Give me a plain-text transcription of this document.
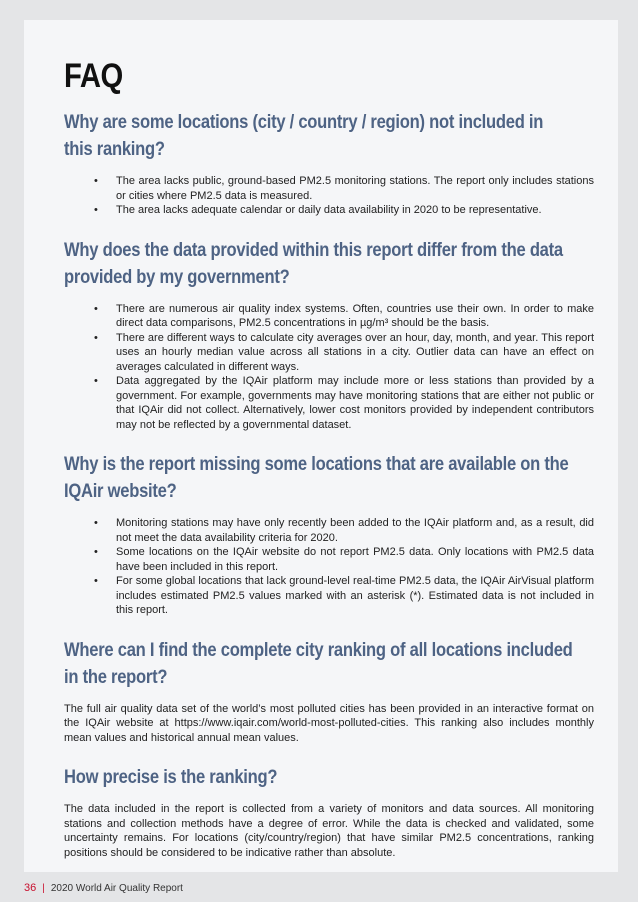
FAQ
Why are some locations (city / country / region) not included in this ranking?
• The area lacks public, ground-based PM2.5 monitoring stations. The report only includes stations or cities where PM2.5 data is measured.
• The area lacks adequate calendar or daily data availability in 2020 to be representative.
Why does the data provided within this report differ from the data provided by my government?
• There are numerous air quality index systems. Often, countries use their own. In order to make direct data comparisons, PM2.5 concentrations in µg/m³ should be the basis.
• There are different ways to calculate city averages over an hour, day, month, and year. This report uses an hourly median value across all stations in a city. Outlier data can have an effect on averages calculated in different ways.
• Data aggregated by the IQAir platform may include more or less stations than provided by a government. For example, governments may have monitoring stations that are either not public or that IQAir did not collect. Alternatively, lower cost monitors provided by independent contributors may not be reflected by a governmental dataset.
Why is the report missing some locations that are available on the IQAir website?
• Monitoring stations may have only recently been added to the IQAir platform and, as a result, did not meet the data availability criteria for 2020.
• Some locations on the IQAir website do not report PM2.5 data. Only locations with PM2.5 data have been included in this report.
• For some global locations that lack ground-level real-time PM2.5 data, the IQAir AirVisual platform includes estimated PM2.5 values marked with an asterisk (*). Estimated data is not included in this report.
Where can I find the complete city ranking of all locations included in the report?

The full air quality data set of the world’s most polluted cities has been provided in an interactive format on the IQAir website at https://www.iqair.com/world-most-polluted-cities. This ranking also includes monthly mean values and historical annual mean values.

How precise is the ranking?

The data included in the report is collected from a variety of monitors and data sources. All monitoring stations and collection methods have a degree of error. While the data is checked and validated, some uncertainty remains. For locations (city/country/region) that have similar PM2.5 concentrations, ranking positions should be considered to be indicative rather than absolute.

36 | 2020 World Air Quality Report
